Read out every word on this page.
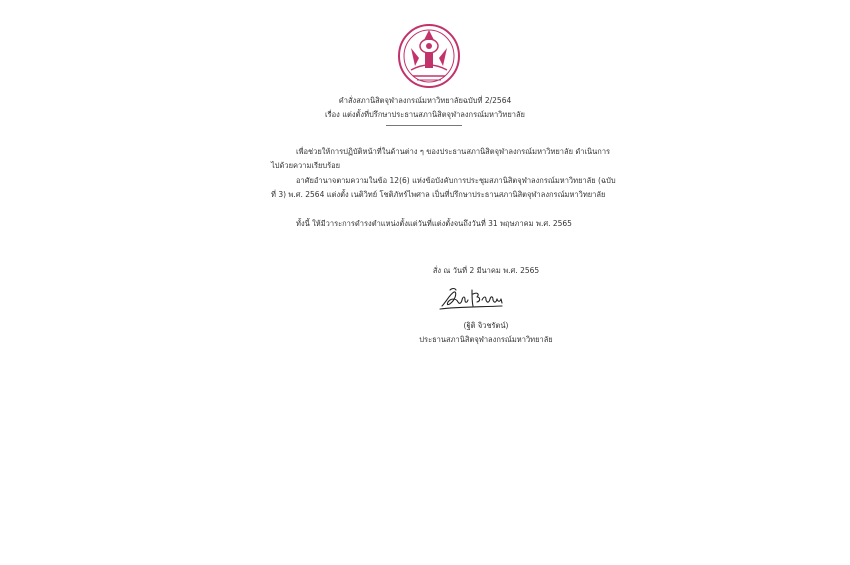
คำสั่งสภานิสิตจุฬาลงกรณ์มหาวิทยาลัยฉบับที่ 2/2564
เรื่อง แต่งตั้งที่ปรึกษาประธานสภานิสิตจุฬาลงกรณ์มหาวิทยาลัย
เพื่อช่วยให้การปฏิบัติหน้าที่ในด้านต่าง ๆ ของประธานสภานิสิตจุฬาลงกรณ์มหาวิทยาลัย ดำเนินการ
ไปด้วยความเรียบร้อย
อาศัยอำนาจตามความในข้อ 12(6) แห่งข้อบังคับการประชุมสภานิสิตจุฬาลงกรณ์มหาวิทยาลัย (ฉบับ
ที่ 3) พ.ศ. 2564 แต่งตั้ง เนติวิทย์ โชติภัทร์ไพศาล เป็นที่ปรึกษาประธานสภานิสิตจุฬาลงกรณ์มหาวิทยาลัย
ทั้งนี้ ให้มีวาระการดำรงตำแหน่งตั้งแต่วันที่แต่งตั้งจนถึงวันที่ 31 พฤษภาคม พ.ศ. 2565
สั่ง ณ วันที่ 2 มีนาคม พ.ศ. 2565
(ฐิติ จิวชรัตน์)
ประธานสภานิสิตจุฬาลงกรณ์มหาวิทยาลัย
